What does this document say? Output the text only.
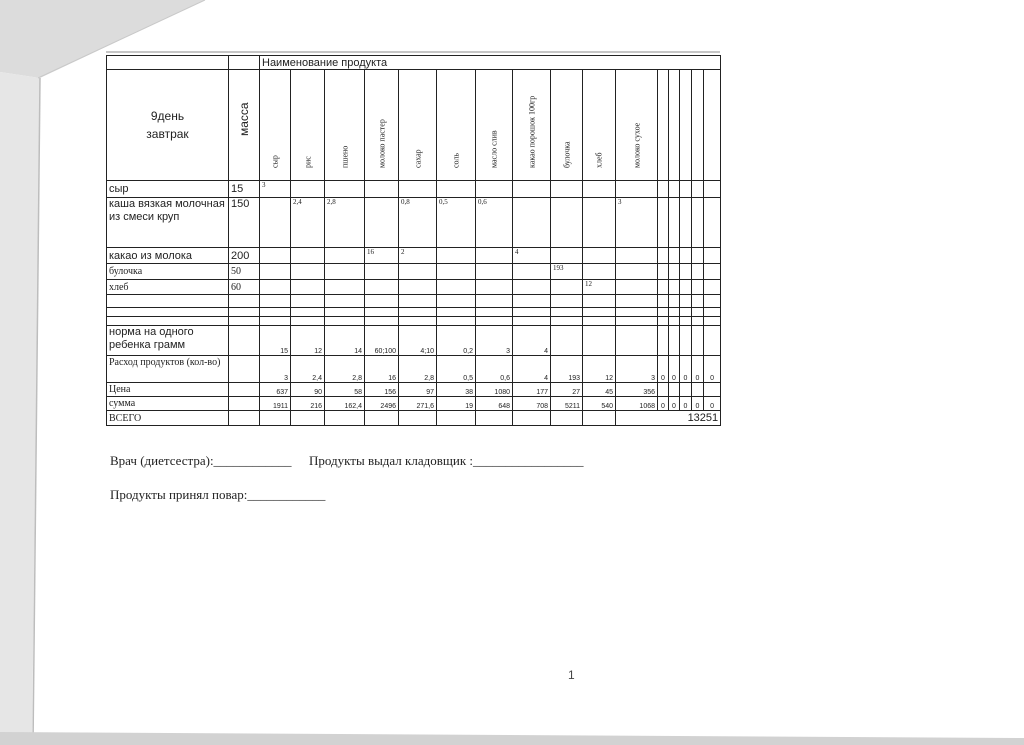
		Наименование продукта															

9день
завтрак	масса	сыр	рис	пшено	молоко пастер	сахар	соль	масло слив	какао порошок 100гр	булочка	хлеб	молоко сухое					

сыр	15	3															
каша вязкая молочная из смеси круп	150		2,4	2,8		0,8	0,5	0,6				3					
какао из молока	200				16	2			4								
булочка	50									193							
хлеб	60										12						

норма на одного ребенка грамм		15	12	14	60;100	4;10	0,2	3	4								
Расход продуктов (кол-во)		3	2,4	2,8	16	2,8	0,5	0,6	4	193	12	3	0	0	0	0	0
Цена		637	90	58	156	97	38	1080	177	27	45	356					
сумма		1911	216	162,4	2496	271,6	19	648	708	5211	540	1068	0	0	0	0	0
ВСЕГО												13251					
Врач (диетсестра):____________ Продукты выдал кладовщик :_________________
Продукты принял повар:____________
1
